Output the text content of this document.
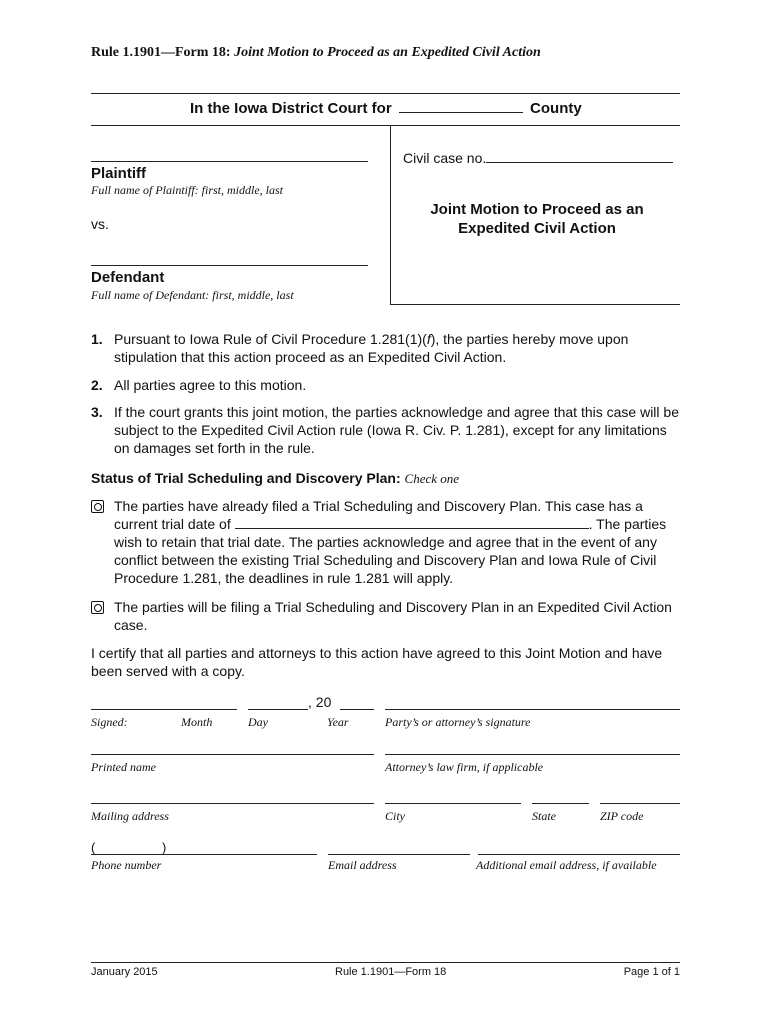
Rule 1.1901—Form 18: Joint Motion to Proceed as an Expedited Civil Action
In the Iowa District Court for	County
Plaintiff
Full name of Plaintiff: first, middle, last
vs.
Defendant
Full name of Defendant: first, middle, last
Civil case no.
Joint Motion to Proceed as an
Expedited Civil Action
1. Pursuant to Iowa Rule of Civil Procedure 1.281(1)(f), the parties hereby move upon
stipulation that this action proceed as an Expedited Civil Action.
2. All parties agree to this motion.
3. If the court grants this joint motion, the parties acknowledge and agree that this case will be
subject to the Expedited Civil Action rule (Iowa R. Civ. P. 1.281), except for any limitations
on damages set forth in the rule.
Status of Trial Scheduling and Discovery Plan: Check one
The parties have already filed a Trial Scheduling and Discovery Plan. This case has a
current trial date of	. The parties
wish to retain that trial date. The parties acknowledge and agree that in the event of any
conflict between the existing Trial Scheduling and Discovery Plan and Iowa Rule of Civil
Procedure 1.281, the deadlines in rule 1.281 will apply.
The parties will be filing a Trial Scheduling and Discovery Plan in an Expedited Civil Action
case.
I certify that all parties and attorneys to this action have agreed to this Joint Motion and have
been served with a copy.
, 20
Signed:	Month	Day	Year	Party’s or attorney’s signature
Printed name	Attorney’s law firm, if applicable
Mailing address	City	State	ZIP code
(	)
Phone number	Email address	Additional email address, if available
January 2015	Rule 1.1901—Form 18	Page 1 of 1
